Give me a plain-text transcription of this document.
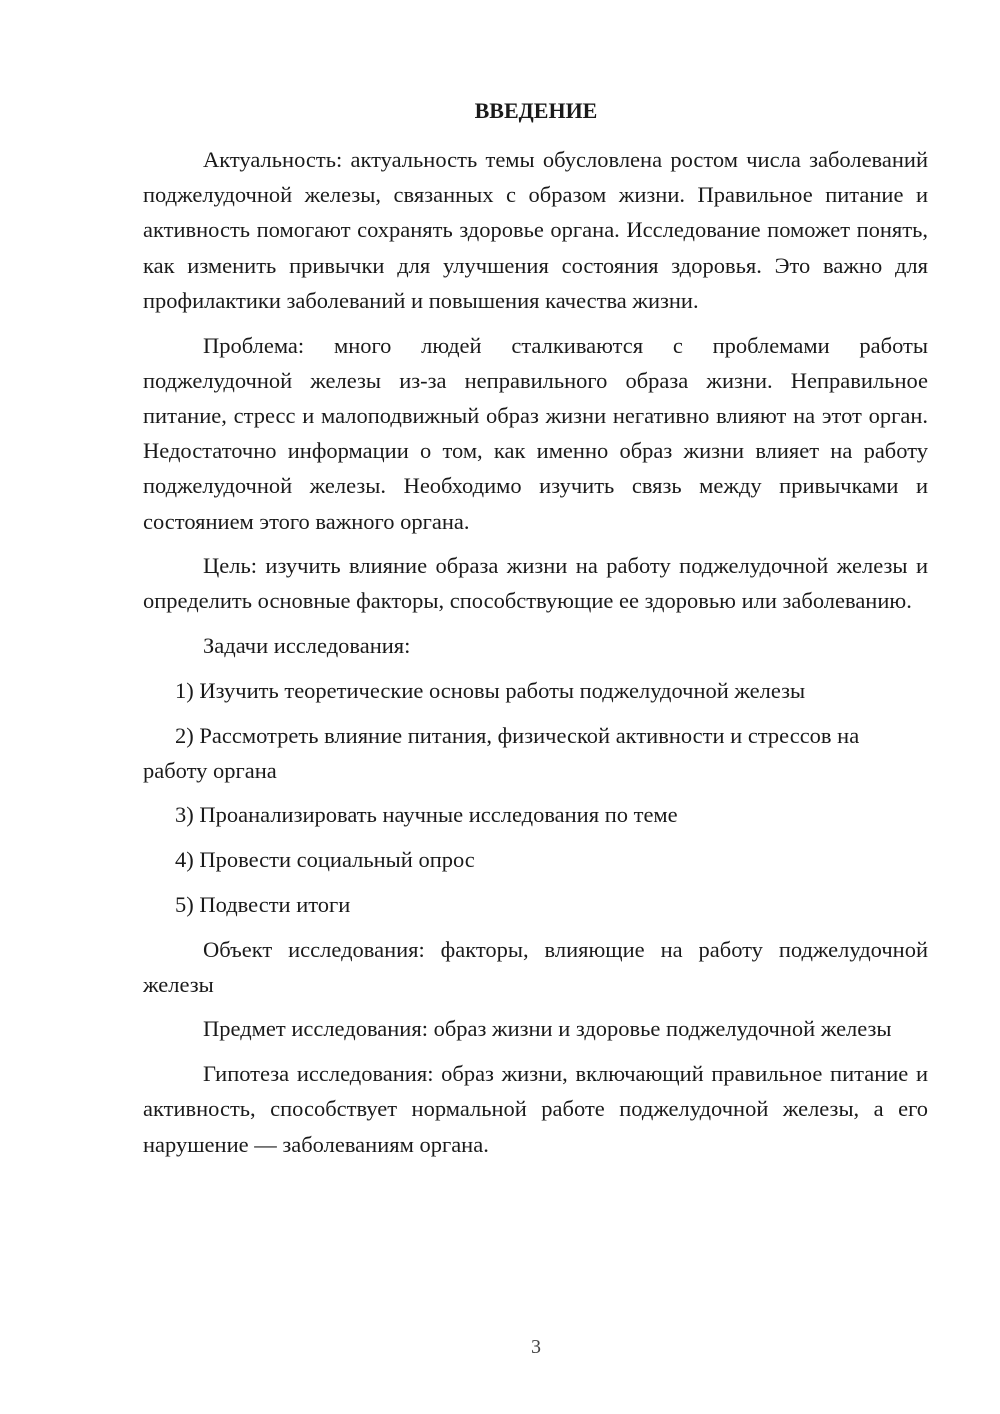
ВВЕДЕНИЕ

Актуальность: актуальность темы обусловлена ростом числа заболеваний поджелудочной железы, связанных с образом жизни. Правильное питание и активность помогают сохранять здоровье органа. Исследование поможет понять, как изменить привычки для улучшения состояния здоровья. Это важно для профилактики заболеваний и повышения качества жизни.

Проблема: много людей сталкиваются с проблемами работы поджелудочной железы из-за неправильного образа жизни. Неправильное питание, стресс и малоподвижный образ жизни негативно влияют на этот орган. Недостаточно информации о том, как именно образ жизни влияет на работу поджелудочной железы. Необходимо изучить связь между привычками и состоянием этого важного органа.

Цель: изучить влияние образа жизни на работу поджелудочной железы и определить основные факторы, способствующие ее здоровью или заболеванию.

Задачи исследования:

1) Изучить теоретические основы работы поджелудочной железы

2) Рассмотреть влияние питания, физической активности и стрессов на работу органа

3) Проанализировать научные исследования по теме

4) Провести социальный опрос

5) Подвести итоги

Объект исследования: факторы, влияющие на работу поджелудочной железы

Предмет исследования: образ жизни и здоровье поджелудочной железы

Гипотеза исследования: образ жизни, включающий правильное питание и активность, способствует нормальной работе поджелудочной железы, а его нарушение — заболеваниям органа.

3
